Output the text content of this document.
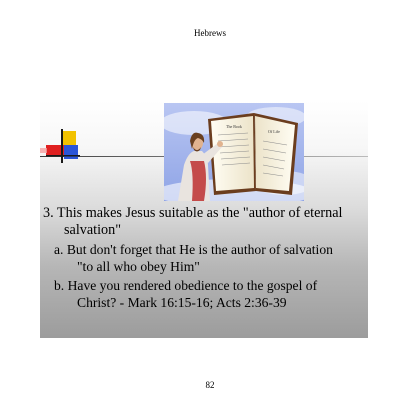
Hebrews
The Book
Of Life

3. This makes Jesus suitable as the "author of eternal
salvation"

a. But don't forget that He is the author of salvation
"to all who obey Him"

b. Have you rendered obedience to the gospel of
Christ? - Mark 16:15-16; Acts 2:36-39

82
